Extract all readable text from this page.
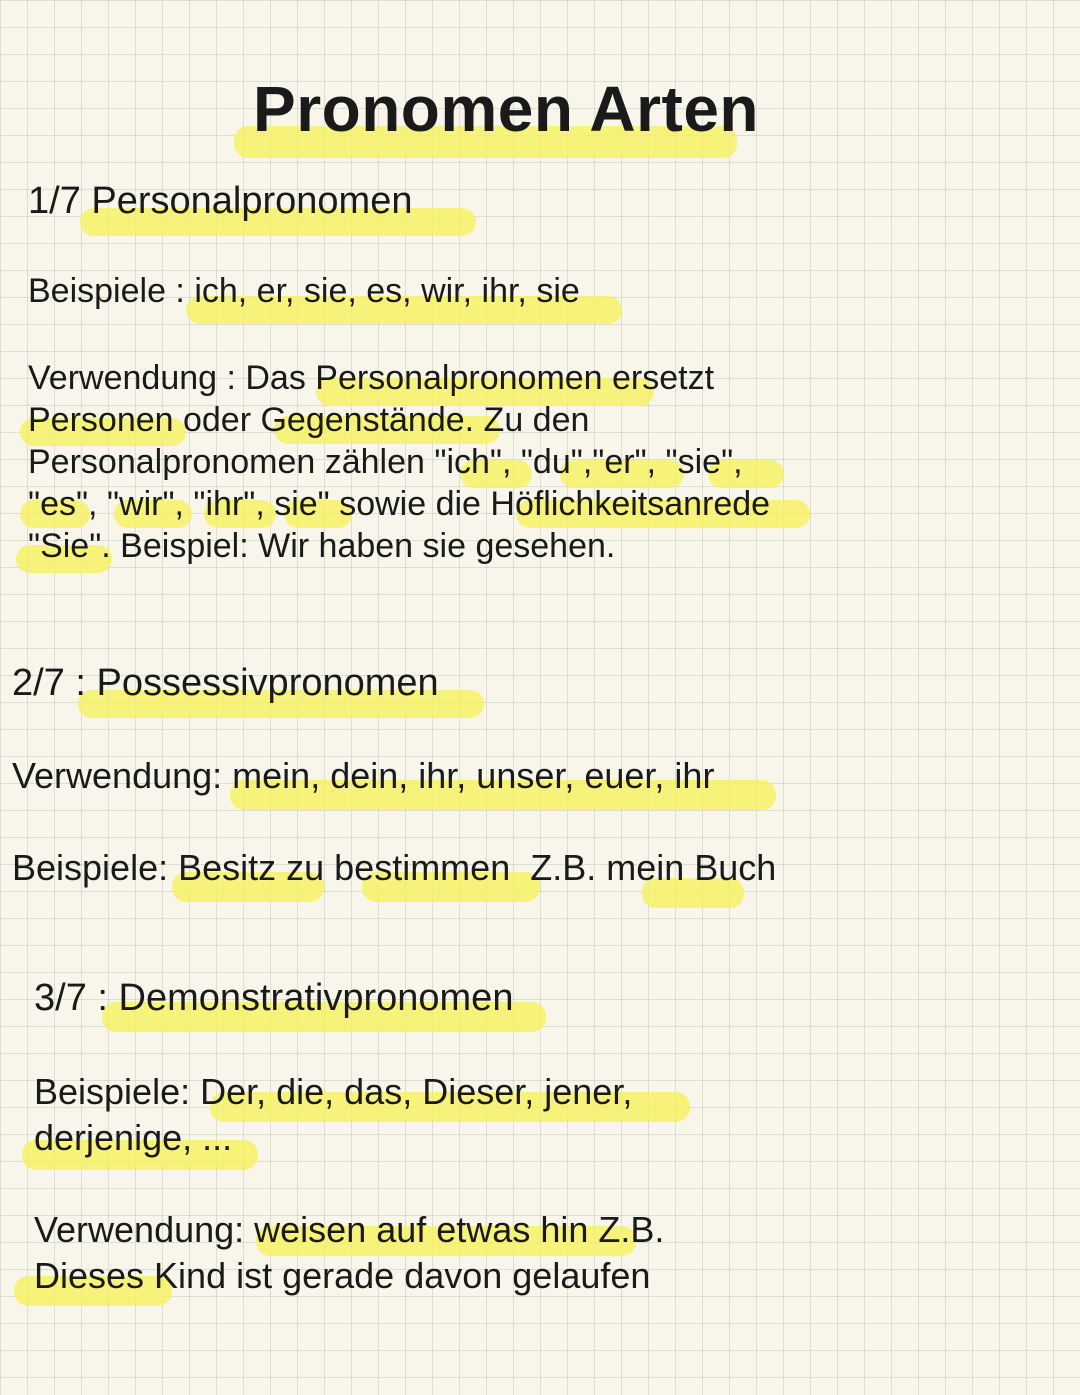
Pronomen Arten
1/7 Personalpronomen
Beispiele : ich, er, sie, es, wir, ihr, sie
Verwendung : Das Personalpronomen ersetzt
Personen oder Gegenstände. Zu den
Personalpronomen zählen "ich", "du","er", "sie",
"es", "wir", "ihr", sie" sowie die Höflichkeitsanrede
"Sie". Beispiel: Wir haben sie gesehen.
2/7 : Possessivpronomen
Verwendung: mein, dein, ihr, unser, euer, ihr
Beispiele: Besitz zu bestimmen  Z.B. mein Buch
3/7 : Demonstrativpronomen
Beispiele: Der, die, das, Dieser, jener,
derjenige, ...
Verwendung: weisen auf etwas hin Z.B.
Dieses Kind ist gerade davon gelaufen
